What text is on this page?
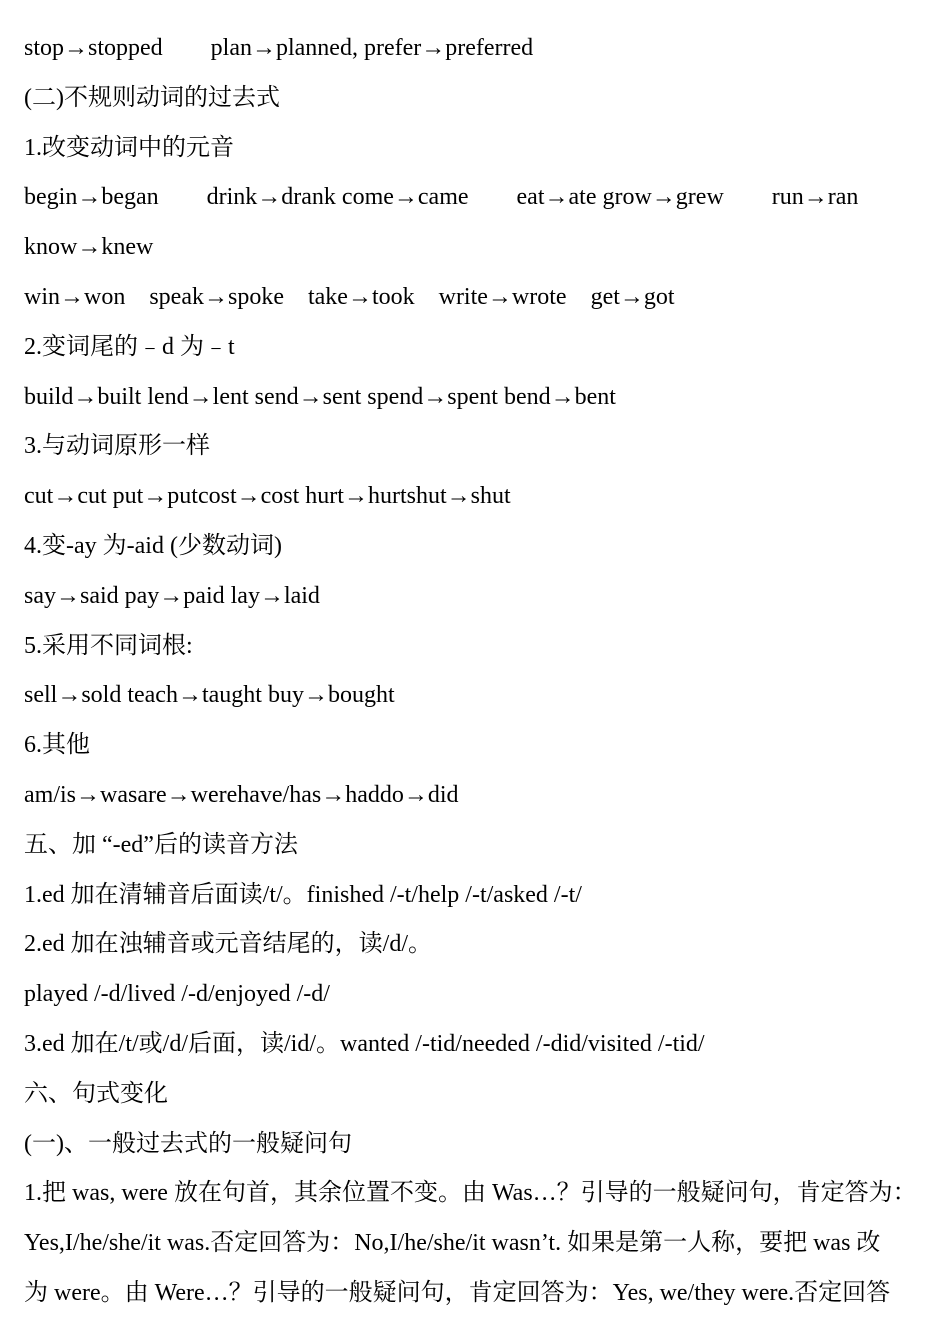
stop→stopped　　plan→planned, prefer→preferred
(二)不规则动词的过去式
1.改变动词中的元音
begin→began　　drink→drank come→came　　eat→ate grow→grew　　run→ran
know→knew
win→won　speak→spoke　take→took　write→wrote　get→got
2.变词尾的﹣d 为﹣t
build→built lend→lent send→sent spend→spent bend→bent
3.与动词原形一样
cut→cut put→putcost→cost hurt→hurtshut→shut
4.变-ay 为-aid (少数动词)
say→said pay→paid lay→laid
5.采用不同词根:
sell→sold teach→taught buy→bought
6.其他
am/is→wasare→werehave/has→haddo→did
五、加 “-ed”后的读音方法
1.ed 加在清辅音后面读/t/。finished /-t/help /-t/asked /-t/
2.ed 加在浊辅音或元音结尾的，读/d/。
played /-d/lived /-d/enjoyed /-d/
3.ed 加在/t/或/d/后面，读/id/。wanted /-tid/needed /-did/visited /-tid/
六、句式变化
(一)、一般过去式的一般疑问句
1.把 was, were 放在句首，其余位置不变。由 Was…？引导的一般疑问句，肯定答为：
Yes,I/he/she/it was.否定回答为：No,I/he/she/it wasn’t. 如果是第一人称，要把 was 改
为 were。由 Were…？引导的一般疑问句，肯定回答为：Yes, we/they were.否定回答
